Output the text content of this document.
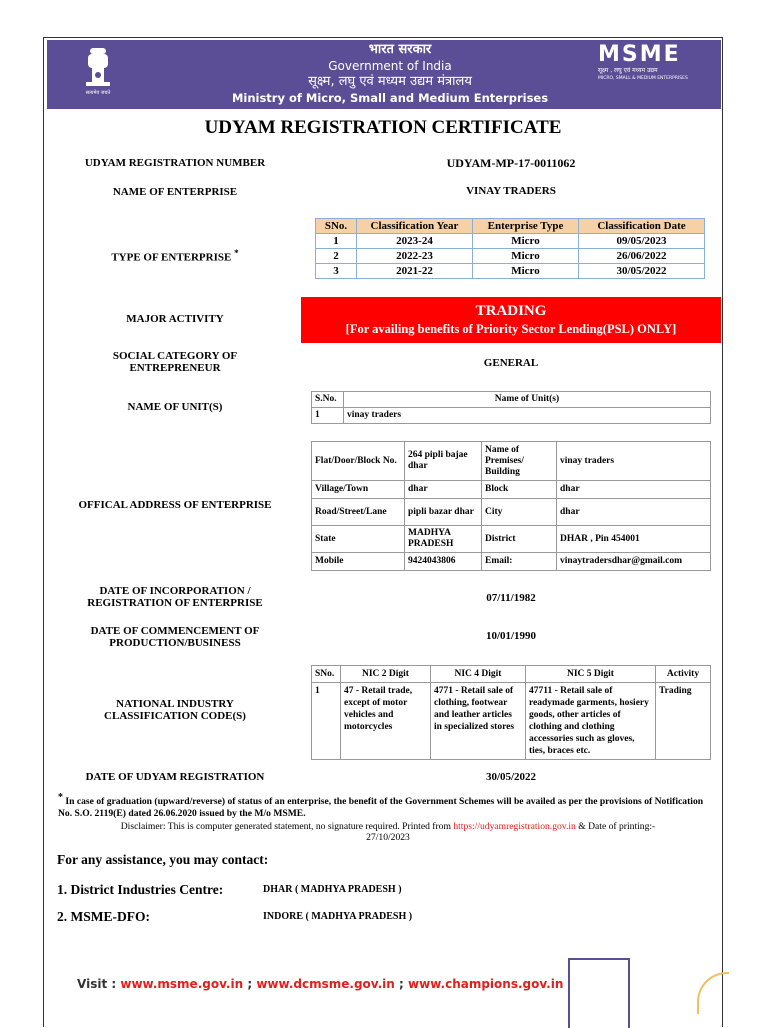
सत्यमेव जयते
भारत सरकार
Government of India
सूक्ष्म, लघु एवं मध्यम उद्यम मंत्रालय
Ministry of Micro, Small and Medium Enterprises
MSME
सूक्ष्म , लघु एवं मध्यम उद्यम
MICRO, SMALL & MEDIUM ENTERPRISES
UDYAM REGISTRATION CERTIFICATE
UDYAM REGISTRATION NUMBER	UDYAM-MP-17-0011062
NAME OF ENTERPRISE	VINAY TRADERS
TYPE OF ENTERPRISE *
SNo.	Classification Year	Enterprise Type	Classification Date
1	2023-24	Micro	09/05/2023
2	2022-23	Micro	26/06/2022
3	2021-22	Micro	30/05/2022
MAJOR ACTIVITY	TRADING
[For availing benefits of Priority Sector Lending(PSL) ONLY]
SOCIAL CATEGORY OF
ENTREPRENEUR	GENERAL
NAME OF UNIT(S)
S.No.	Name of Unit(s)
1	vinay traders
OFFICAL ADDRESS OF ENTERPRISE
Flat/Door/Block No.	264 pipli bajae dhar	Name of Premises/ Building	vinay traders
Village/Town	dhar	Block	dhar
Road/Street/Lane	pipli bazar dhar	City	dhar
State	MADHYA PRADESH	District	DHAR , Pin 454001
Mobile	9424043806	Email:	vinaytradersdhar@gmail.com
DATE OF INCORPORATION /
REGISTRATION OF ENTERPRISE	07/11/1982
DATE OF COMMENCEMENT OF
PRODUCTION/BUSINESS
10/01/1990
NATIONAL INDUSTRY
CLASSIFICATION CODE(S)
SNo.	NIC 2 Digit	NIC 4 Digit	NIC 5 Digit	Activity
1	47 - Retail trade, except of motor vehicles and motorcycles	4771 - Retail sale of clothing, footwear and leather articles in specialized stores	47711 - Retail sale of readymade garments, hosiery goods, other articles of clothing and clothing accessories such as gloves, ties, braces etc.	Trading
DATE OF UDYAM REGISTRATION	30/05/2022
* In case of graduation (upward/reverse) of status of an enterprise, the benefit of the Government Schemes will be availed as per the provisions of Notification No. S.O. 2119(E) dated 26.06.2020 issued by the M/o MSME.
Disclaimer: This is computer generated statement, no signature required. Printed from https://udyamregistration.gov.in & Date of printing:-
27/10/2023
For any assistance, you may contact:
1. District Industries Centre:	DHAR ( MADHYA PRADESH )
2. MSME-DFO:	INDORE ( MADHYA PRADESH )
Visit : www.msme.gov.in ; www.dcmsme.gov.in ; www.champions.gov.in
